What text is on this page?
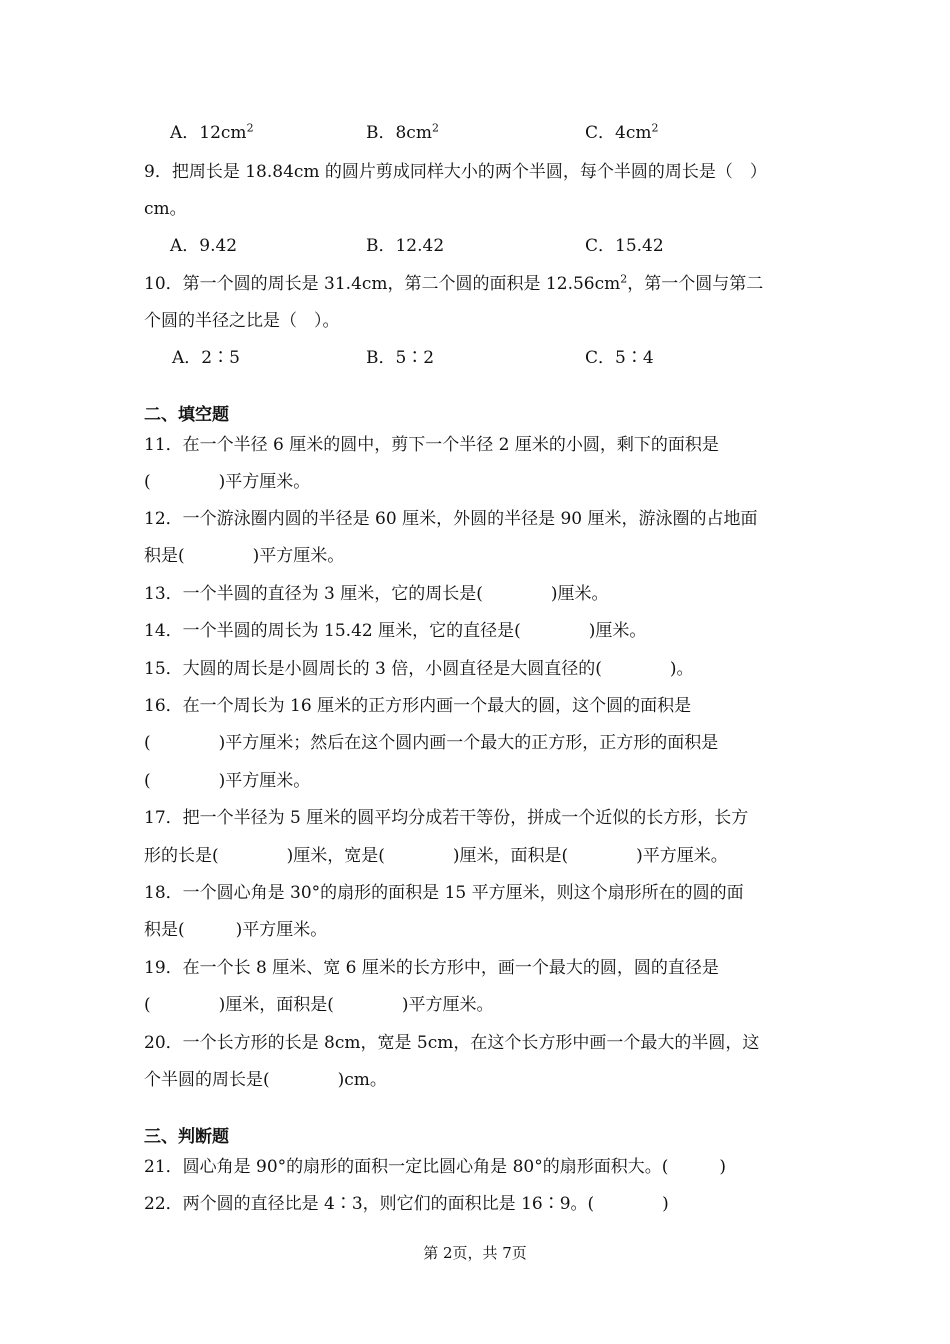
A．$12cm^2$	B．$8cm^2$	C．$4cm^2$
9．把周长是 18.84cm 的圆片剪成同样大小的两个半圆，每个半圆的周长是（　）
cm。
A．9.42	B．12.42	C．15.42
10．第一个圆的周长是 31.4cm，第二个圆的面积是 $12.56cm^2$，第一个圆与第二
个圆的半径之比是（　）。
A．2∶5	B．5∶2	C．5∶4
二、填空题
11．在一个半径 6 厘米的圆中，剪下一个半径 2 厘米的小圆，剩下的面积是
(　　　　)平方厘米。
12．一个游泳圈内圆的半径是 60 厘米，外圆的半径是 90 厘米，游泳圈的占地面
积是(　　　　)平方厘米。
13．一个半圆的直径为 3 厘米，它的周长是(　　　　)厘米。
14．一个半圆的周长为 15.42 厘米，它的直径是(　　　　)厘米。
15．大圆的周长是小圆周长的 3 倍，小圆直径是大圆直径的(　　　　)。
16．在一个周长为 16 厘米的正方形内画一个最大的圆，这个圆的面积是
(　　　　)平方厘米；然后在这个圆内画一个最大的正方形，正方形的面积是
(　　　　)平方厘米。
17．把一个半径为 5 厘米的圆平均分成若干等份，拼成一个近似的长方形，长方
形的长是(　　　　)厘米，宽是(　　　　)厘米，面积是(　　　　)平方厘米。
18．一个圆心角是 30°的扇形的面积是 15 平方厘米，则这个扇形所在的圆的面
积是(　　　)平方厘米。
19．在一个长 8 厘米、宽 6 厘米的长方形中，画一个最大的圆，圆的直径是
(　　　　)厘米，面积是(　　　　)平方厘米。
20．一个长方形的长是 8cm，宽是 5cm，在这个长方形中画一个最大的半圆，这
个半圆的周长是(　　　　)cm。
三、判断题
21．圆心角是 90°的扇形的面积一定比圆心角是 80°的扇形面积大。(　　　)
22．两个圆的直径比是 4∶3，则它们的面积比是 16∶9。(　　　　)
第 2页，共 7页
